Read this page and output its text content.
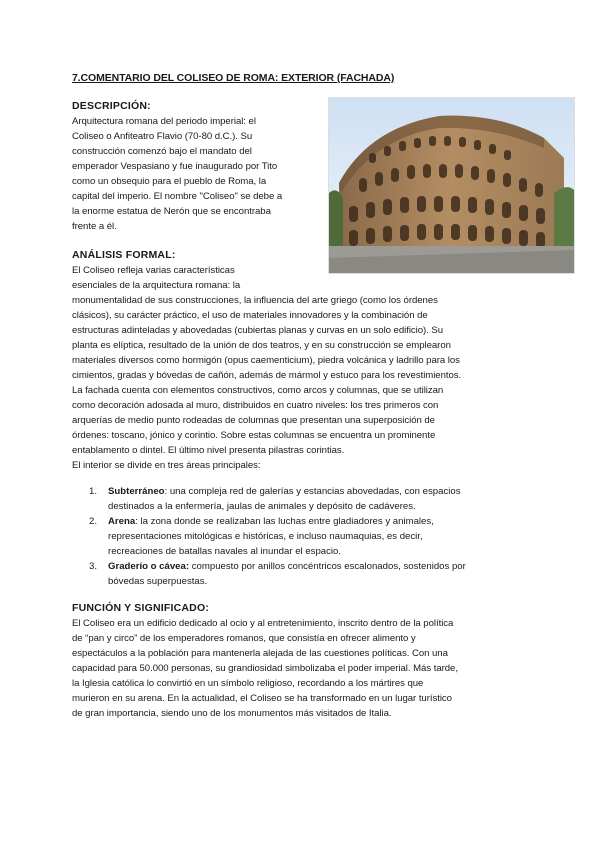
7.COMENTARIO DEL COLISEO DE ROMA: EXTERIOR (FACHADA)
DESCRIPCIÓN:
Arquitectura romana del periodo imperial: el
Coliseo o Anfiteatro Flavio (70-80 d.C.). Su
construcción comenzó bajo el mandato del
emperador Vespasiano y fue inaugurado por Tito
como un obsequio para el pueblo de Roma, la
capital del imperio. El nombre "Coliseo" se debe a
la enorme estatua de Nerón que se encontraba
frente a él.
ANÁLISIS FORMAL:
El Coliseo refleja varias características
esenciales de la arquitectura romana: la
monumentalidad de sus construcciones, la influencia del arte griego (como los órdenes
clásicos), su carácter práctico, el uso de materiales innovadores y la combinación de
estructuras adinteladas y abovedadas (cubiertas planas y curvas en un solo edificio). Su
planta es elíptica, resultado de la unión de dos teatros, y en su construcción se emplearon
materiales diversos como hormigón (opus caementicium), piedra volcánica y ladrillo para los
cimientos, gradas y bóvedas de cañón, además de mármol y estuco para los revestimientos.
La fachada cuenta con elementos constructivos, como arcos y columnas, que se utilizan
como decoración adosada al muro, distribuidos en cuatro niveles: los tres primeros con
arquerías de medio punto rodeadas de columnas que presentan una superposición de
órdenes: toscano, jónico y corintio. Sobre estas columnas se encuentra un prominente
entablamento o dintel. El último nivel presenta pilastras corintias.
El interior se divide en tres áreas principales:
1. Subterráneo: una compleja red de galerías y estancias abovedadas, con espacios
destinados a la enfermería, jaulas de animales y depósito de cadáveres.
2. Arena: la zona donde se realizaban las luchas entre gladiadores y animales,
representaciones mitológicas e históricas, e incluso naumaquias, es decir,
recreaciones de batallas navales al inundar el espacio.
3. Graderío o cávea: compuesto por anillos concéntricos escalonados, sostenidos por
bóvedas superpuestas.
FUNCIÓN Y SIGNIFICADO:
El Coliseo era un edificio dedicado al ocio y al entretenimiento, inscrito dentro de la política
de “pan y circo” de los emperadores romanos, que consistía en ofrecer alimento y
espectáculos a la población para mantenerla alejada de las cuestiones políticas. Con una
capacidad para 50.000 personas, su grandiosidad simbolizaba el poder imperial. Más tarde,
la Iglesia católica lo convirtió en un símbolo religioso, recordando a los mártires que
murieron en su arena. En la actualidad, el Coliseo se ha transformado en un lugar turístico
de gran importancia, siendo uno de los monumentos más visitados de Italia.
